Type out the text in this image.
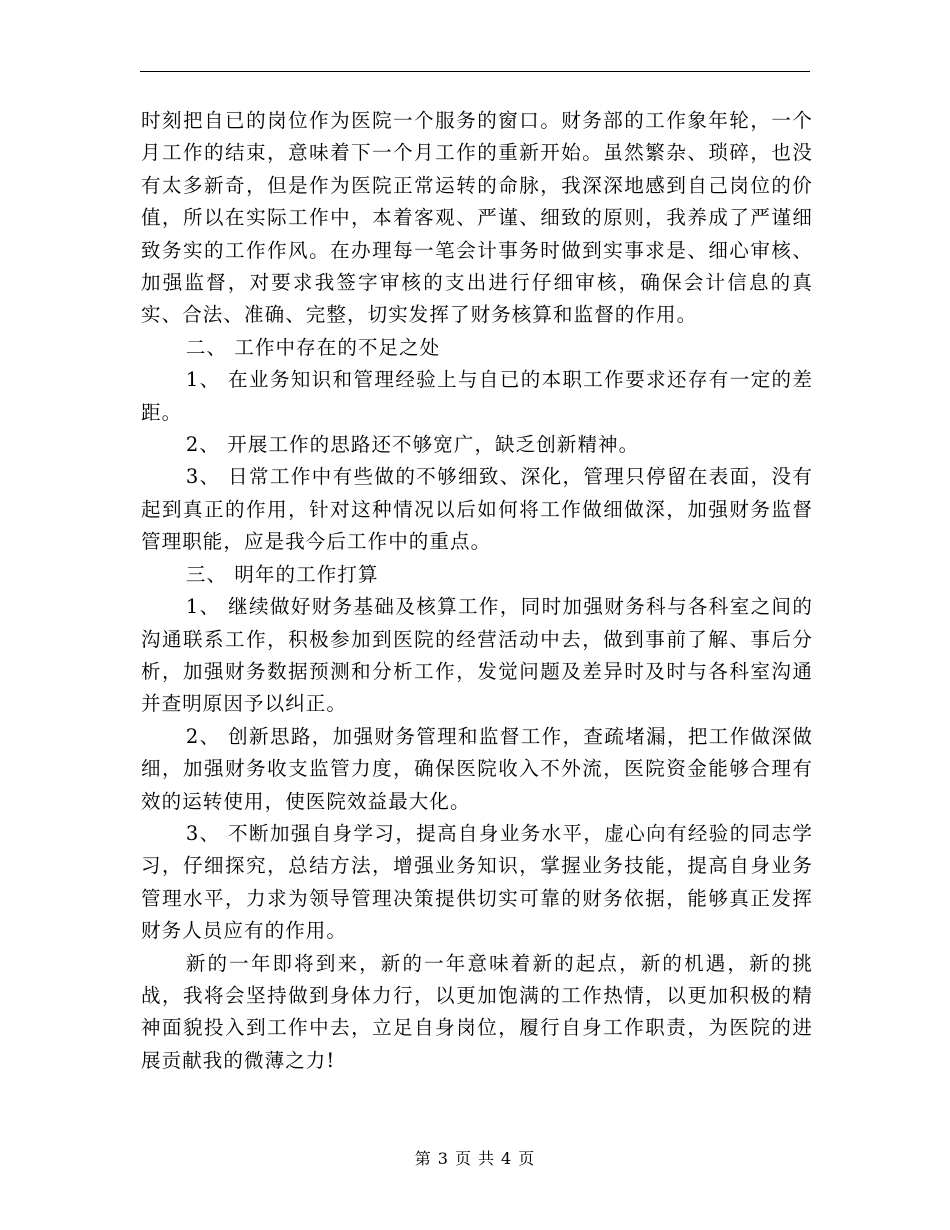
时刻把自已的岗位作为医院一个服务的窗口。财务部的工作象年轮，一个月工作的结束，意味着下一个月工作的重新开始。虽然繁杂、琐碎，也没有太多新奇，但是作为医院正常运转的命脉，我深深地感到自己岗位的价值，所以在实际工作中，本着客观、严谨、细致的原则，我养成了严谨细致务实的工作作风。在办理每一笔会计事务时做到实事求是、细心审核、加强监督，对要求我签字审核的支出进行仔细审核，确保会计信息的真实、合法、准确、完整，切实发挥了财务核算和监督的作用。

二、 工作中存在的不足之处

1、 在业务知识和管理经验上与自已的本职工作要求还存有一定的差距。

2、 开展工作的思路还不够宽广，缺乏创新精神。

3、 日常工作中有些做的不够细致、深化，管理只停留在表面，没有起到真正的作用，针对这种情况以后如何将工作做细做深，加强财务监督管理职能，应是我今后工作中的重点。

三、 明年的工作打算

1、 继续做好财务基础及核算工作，同时加强财务科与各科室之间的沟通联系工作，积极参加到医院的经营活动中去，做到事前了解、事后分析，加强财务数据预测和分析工作，发觉问题及差异时及时与各科室沟通并查明原因予以纠正。

2、 创新思路，加强财务管理和监督工作，查疏堵漏，把工作做深做细，加强财务收支监管力度，确保医院收入不外流，医院资金能够合理有效的运转使用，使医院效益最大化。

3、 不断加强自身学习，提高自身业务水平，虚心向有经验的同志学习，仔细探究，总结方法，增强业务知识，掌握业务技能，提高自身业务管理水平，力求为领导管理决策提供切实可靠的财务依据，能够真正发挥财务人员应有的作用。

新的一年即将到来，新的一年意味着新的起点，新的机遇，新的挑战，我将会坚持做到身体力行，以更加饱满的工作热情，以更加积极的精神面貌投入到工作中去，立足自身岗位，履行自身工作职责，为医院的进展贡献我的微薄之力!

第 3 页 共 4 页
